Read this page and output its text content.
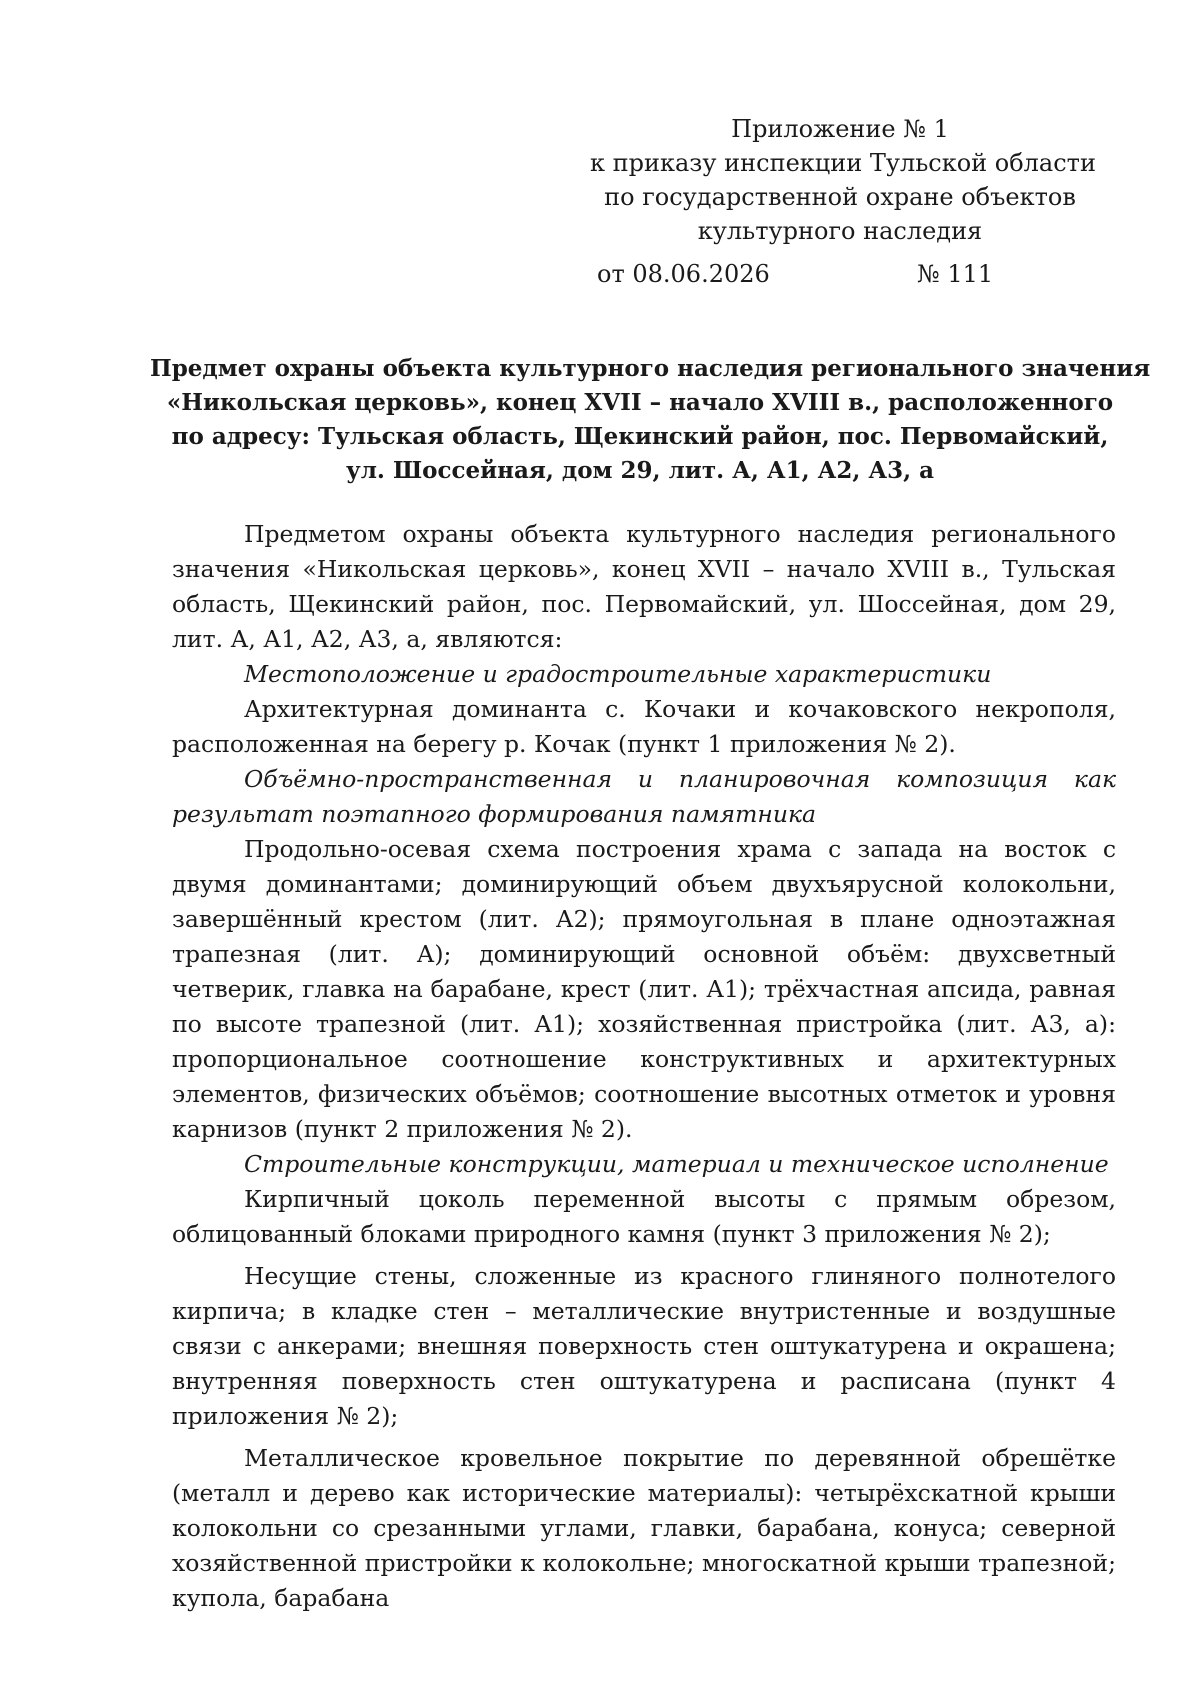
Приложение № 1
к приказу инспекции Тульской области
по государственной охране объектов
культурного наследия
от 08.06.2026	№ 111
Предмет охраны объекта культурного наследия регионального значения
«Никольская церковь», конец XVII – начало XVIII в., расположенного
по адресу: Тульская область, Щекинский район, пос. Первомайский,
ул. Шоссейная, дом 29, лит. А, А1, А2, А3, а

Предметом охраны объекта культурного наследия регионального значения «Никольская церковь», конец XVII – начало XVIII в., Тульская область, Щекинский район, пос. Первомайский, ул. Шоссейная, дом 29, лит. А, А1, А2, А3, а, являются:

Местоположение и градостроительные характеристики

Архитектурная доминанта с. Кочаки и кочаковского некрополя, расположенная на берегу р. Кочак (пункт 1 приложения № 2).

Объёмно-пространственная и планировочная композиция как результат поэтапного формирования памятника

Продольно-осевая схема построения храма с запада на восток с двумя доминантами; доминирующий объем двухъярусной колокольни, завершённый крестом (лит. А2); прямоугольная в плане одноэтажная трапезная (лит. А); доминирующий основной объём: двухсветный четверик, главка на барабане, крест (лит. А1); трёхчастная апсида, равная по высоте трапезной (лит. А1); хозяйственная пристройка (лит. А3, а): пропорциональное соотношение конструктивных и архитектурных элементов, физических объёмов; соотношение высотных отметок и уровня карнизов (пункт 2 приложения № 2).

Строительные конструкции, материал и техническое исполнение

Кирпичный цоколь переменной высоты с прямым обрезом, облицованный блоками природного камня (пункт 3 приложения № 2);

Несущие стены, сложенные из красного глиняного полнотелого кирпича; в кладке стен – металлические внутристенные и воздушные связи с анкерами; внешняя поверхность стен оштукатурена и окрашена; внутренняя поверхность стен оштукатурена и расписана (пункт 4 приложения № 2);

Металлическое кровельное покрытие по деревянной обрешётке (металл и дерево как исторические материалы): четырёхскатной крыши колокольни со срезанными углами, главки, барабана, конуса; северной хозяйственной пристройки к колокольне; многоскатной крыши трапезной; купола, барабана
